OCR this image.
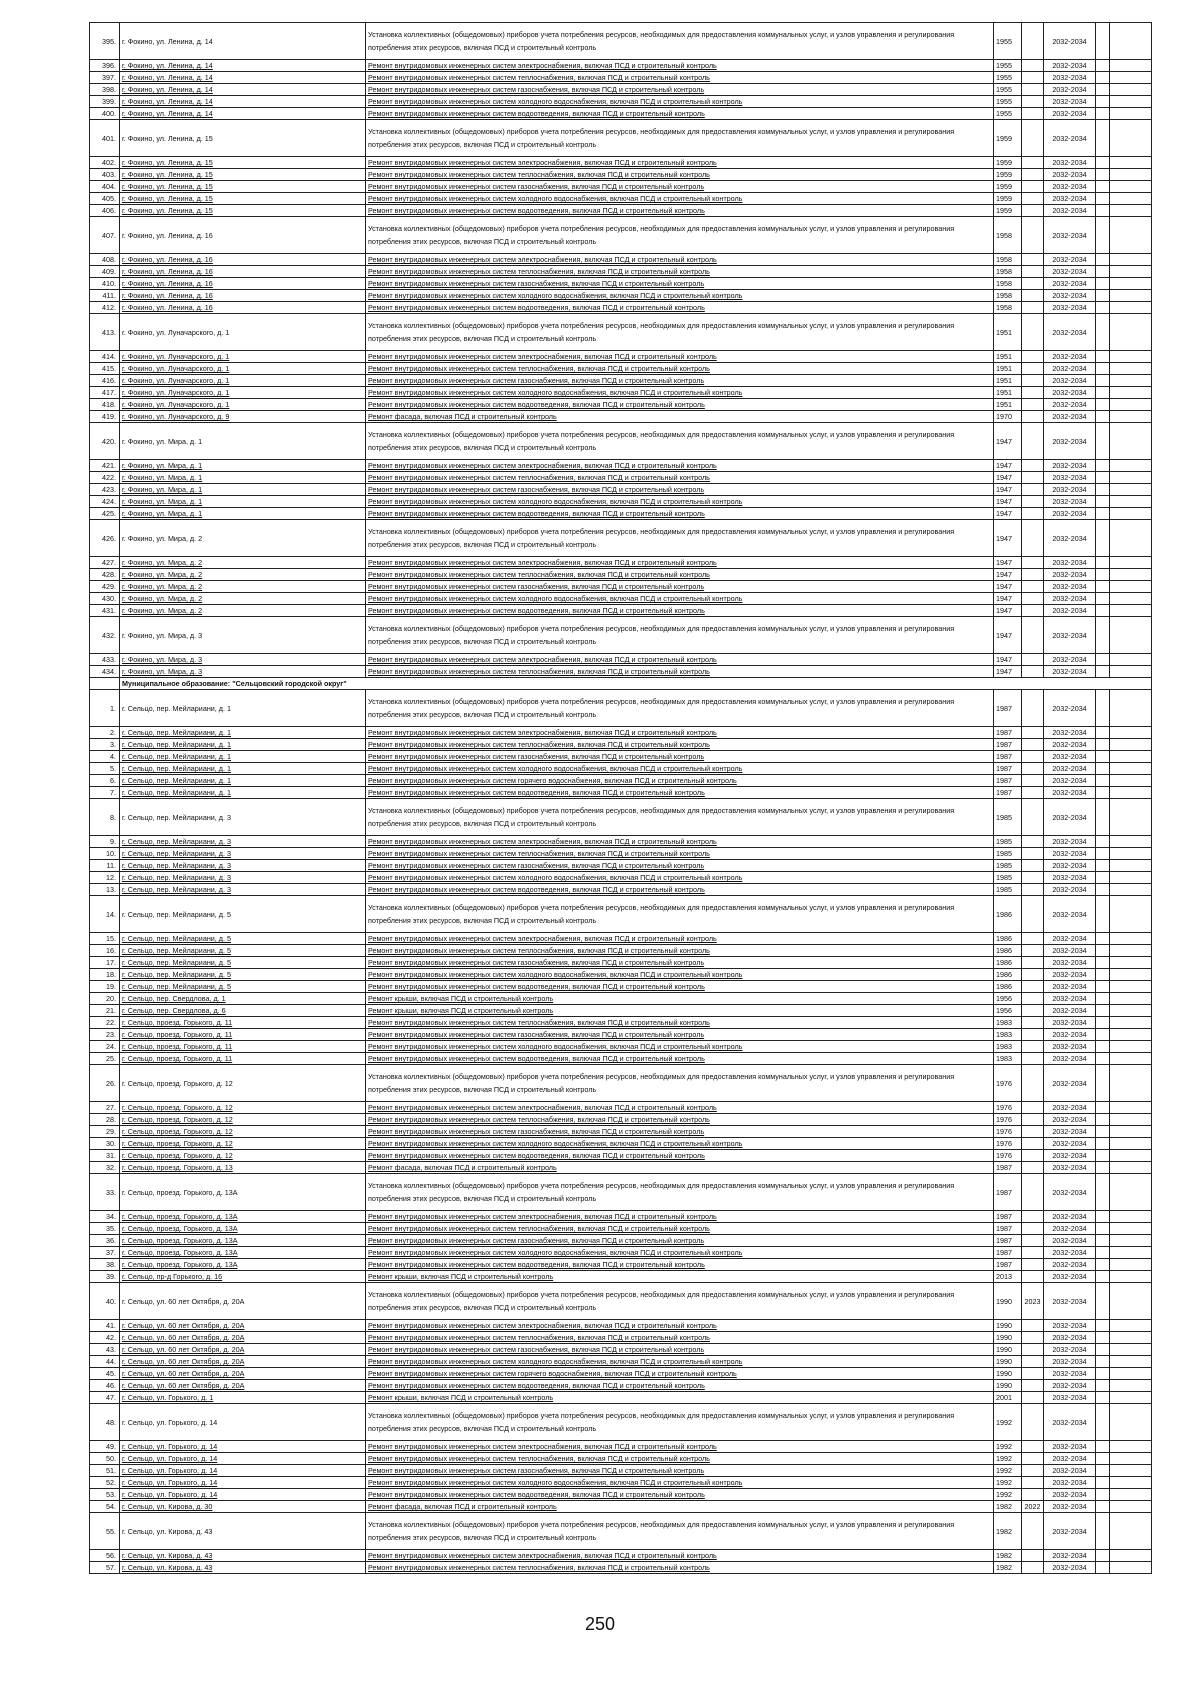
395.	г. Фокино, ул. Ленина, д. 14	Установка коллективных (общедомовых) приборов учета потребления ресурсов, необходимых для предоставления коммунальных услуг, и узлов управления и регулирования потребления этих ресурсов, включая ПСД и строительный контроль	1955		2032-2034		
396.	г. Фокино, ул. Ленина, д. 14	Ремонт внутридомовых инженерных систем электроснабжения, включая ПСД и строительный контроль	1955		2032-2034		
397.	г. Фокино, ул. Ленина, д. 14	Ремонт внутридомовых инженерных систем теплоснабжения, включая ПСД и строительный контроль	1955		2032-2034		
398.	г. Фокино, ул. Ленина, д. 14	Ремонт внутридомовых инженерных систем газоснабжения, включая ПСД и строительный контроль	1955		2032-2034		
399.	г. Фокино, ул. Ленина, д. 14	Ремонт внутридомовых инженерных систем холодного водоснабжения, включая ПСД и строительный контроль	1955		2032-2034		
400.	г. Фокино, ул. Ленина, д. 14	Ремонт внутридомовых инженерных систем водоотведения, включая ПСД и строительный контроль	1955		2032-2034		
401.	г. Фокино, ул. Ленина, д. 15	Установка коллективных (общедомовых) приборов учета потребления ресурсов, необходимых для предоставления коммунальных услуг, и узлов управления и регулирования потребления этих ресурсов, включая ПСД и строительный контроль	1959		2032-2034		
402.	г. Фокино, ул. Ленина, д. 15	Ремонт внутридомовых инженерных систем электроснабжения, включая ПСД и строительный контроль	1959		2032-2034		
403.	г. Фокино, ул. Ленина, д. 15	Ремонт внутридомовых инженерных систем теплоснабжения, включая ПСД и строительный контроль	1959		2032-2034		
404.	г. Фокино, ул. Ленина, д. 15	Ремонт внутридомовых инженерных систем газоснабжения, включая ПСД и строительный контроль	1959		2032-2034		
405.	г. Фокино, ул. Ленина, д. 15	Ремонт внутридомовых инженерных систем холодного водоснабжения, включая ПСД и строительный контроль	1959		2032-2034		
406.	г. Фокино, ул. Ленина, д. 15	Ремонт внутридомовых инженерных систем водоотведения, включая ПСД и строительный контроль	1959		2032-2034		
407.	г. Фокино, ул. Ленина, д. 16	Установка коллективных (общедомовых) приборов учета потребления ресурсов, необходимых для предоставления коммунальных услуг, и узлов управления и регулирования потребления этих ресурсов, включая ПСД и строительный контроль	1958		2032-2034		
408.	г. Фокино, ул. Ленина, д. 16	Ремонт внутридомовых инженерных систем электроснабжения, включая ПСД и строительный контроль	1958		2032-2034		
409.	г. Фокино, ул. Ленина, д. 16	Ремонт внутридомовых инженерных систем теплоснабжения, включая ПСД и строительный контроль	1958		2032-2034		
410.	г. Фокино, ул. Ленина, д. 16	Ремонт внутридомовых инженерных систем газоснабжения, включая ПСД и строительный контроль	1958		2032-2034		
411.	г. Фокино, ул. Ленина, д. 16	Ремонт внутридомовых инженерных систем холодного водоснабжения, включая ПСД и строительный контроль	1958		2032-2034		
412.	г. Фокино, ул. Ленина, д. 16	Ремонт внутридомовых инженерных систем водоотведения, включая ПСД и строительный контроль	1958		2032-2034		
413.	г. Фокино, ул. Луначарского, д. 1	Установка коллективных (общедомовых) приборов учета потребления ресурсов, необходимых для предоставления коммунальных услуг, и узлов управления и регулирования потребления этих ресурсов, включая ПСД и строительный контроль	1951		2032-2034		
414.	г. Фокино, ул. Луначарского, д. 1	Ремонт внутридомовых инженерных систем электроснабжения, включая ПСД и строительный контроль	1951		2032-2034		
415.	г. Фокино, ул. Луначарского, д. 1	Ремонт внутридомовых инженерных систем теплоснабжения, включая ПСД и строительный контроль	1951		2032-2034		
416.	г. Фокино, ул. Луначарского, д. 1	Ремонт внутридомовых инженерных систем газоснабжения, включая ПСД и строительный контроль	1951		2032-2034		
417.	г. Фокино, ул. Луначарского, д. 1	Ремонт внутридомовых инженерных систем холодного водоснабжения, включая ПСД и строительный контроль	1951		2032-2034		
418.	г. Фокино, ул. Луначарского, д. 1	Ремонт внутридомовых инженерных систем водоотведения, включая ПСД и строительный контроль	1951		2032-2034		
419.	г. Фокино, ул. Луначарского, д. 9	Ремонт фасада, включая ПСД и строительный контроль	1970		2032-2034		
420.	г. Фокино, ул. Мира, д. 1	Установка коллективных (общедомовых) приборов учета потребления ресурсов, необходимых для предоставления коммунальных услуг, и узлов управления и регулирования потребления этих ресурсов, включая ПСД и строительный контроль	1947		2032-2034		
421.	г. Фокино, ул. Мира, д. 1	Ремонт внутридомовых инженерных систем электроснабжения, включая ПСД и строительный контроль	1947		2032-2034		
422.	г. Фокино, ул. Мира, д. 1	Ремонт внутридомовых инженерных систем теплоснабжения, включая ПСД и строительный контроль	1947		2032-2034		
423.	г. Фокино, ул. Мира, д. 1	Ремонт внутридомовых инженерных систем газоснабжения, включая ПСД и строительный контроль	1947		2032-2034		
424.	г. Фокино, ул. Мира, д. 1	Ремонт внутридомовых инженерных систем холодного водоснабжения, включая ПСД и строительный контроль	1947		2032-2034		
425.	г. Фокино, ул. Мира, д. 1	Ремонт внутридомовых инженерных систем водоотведения, включая ПСД и строительный контроль	1947		2032-2034		
426.	г. Фокино, ул. Мира, д. 2	Установка коллективных (общедомовых) приборов учета потребления ресурсов, необходимых для предоставления коммунальных услуг, и узлов управления и регулирования потребления этих ресурсов, включая ПСД и строительный контроль	1947		2032-2034		
427.	г. Фокино, ул. Мира, д. 2	Ремонт внутридомовых инженерных систем электроснабжения, включая ПСД и строительный контроль	1947		2032-2034		
428.	г. Фокино, ул. Мира, д. 2	Ремонт внутридомовых инженерных систем теплоснабжения, включая ПСД и строительный контроль	1947		2032-2034		
429.	г. Фокино, ул. Мира, д. 2	Ремонт внутридомовых инженерных систем газоснабжения, включая ПСД и строительный контроль	1947		2032-2034		
430.	г. Фокино, ул. Мира, д. 2	Ремонт внутридомовых инженерных систем холодного водоснабжения, включая ПСД и строительный контроль	1947		2032-2034		
431.	г. Фокино, ул. Мира, д. 2	Ремонт внутридомовых инженерных систем водоотведения, включая ПСД и строительный контроль	1947		2032-2034		
432.	г. Фокино, ул. Мира, д. 3	Установка коллективных (общедомовых) приборов учета потребления ресурсов, необходимых для предоставления коммунальных услуг, и узлов управления и регулирования потребления этих ресурсов, включая ПСД и строительный контроль	1947		2032-2034		
433.	г. Фокино, ул. Мира, д. 3	Ремонт внутридомовых инженерных систем электроснабжения, включая ПСД и строительный контроль	1947		2032-2034		
434.	г. Фокино, ул. Мира, д. 3	Ремонт внутридомовых инженерных систем теплоснабжения, включая ПСД и строительный контроль	1947		2032-2034		
	Муниципальное образование: "Сельцовский городской округ"						
1.	г. Сельцо, пер. Мейлариани, д. 1	Установка коллективных (общедомовых) приборов учета потребления ресурсов, необходимых для предоставления коммунальных услуг, и узлов управления и регулирования потребления этих ресурсов, включая ПСД и строительный контроль	1987		2032-2034		
2.	г. Сельцо, пер. Мейлариани, д. 1	Ремонт внутридомовых инженерных систем электроснабжения, включая ПСД и строительный контроль	1987		2032-2034		
3.	г. Сельцо, пер. Мейлариани, д. 1	Ремонт внутридомовых инженерных систем теплоснабжения, включая ПСД и строительный контроль	1987		2032-2034		
4.	г. Сельцо, пер. Мейлариани, д. 1	Ремонт внутридомовых инженерных систем газоснабжения, включая ПСД и строительный контроль	1987		2032-2034		
5.	г. Сельцо, пер. Мейлариани, д. 1	Ремонт внутридомовых инженерных систем холодного водоснабжения, включая ПСД и строительный контроль	1987		2032-2034		
6.	г. Сельцо, пер. Мейлариани, д. 1	Ремонт внутридомовых инженерных систем горячего водоснабжения, включая ПСД и строительный контроль	1987		2032-2034		
7.	г. Сельцо, пер. Мейлариани, д. 1	Ремонт внутридомовых инженерных систем водоотведения, включая ПСД и строительный контроль	1987		2032-2034		
8.	г. Сельцо, пер. Мейлариани, д. 3	Установка коллективных (общедомовых) приборов учета потребления ресурсов, необходимых для предоставления коммунальных услуг, и узлов управления и регулирования потребления этих ресурсов, включая ПСД и строительный контроль	1985		2032-2034		
9.	г. Сельцо, пер. Мейлариани, д. 3	Ремонт внутридомовых инженерных систем электроснабжения, включая ПСД и строительный контроль	1985		2032-2034		
10.	г. Сельцо, пер. Мейлариани, д. 3	Ремонт внутридомовых инженерных систем теплоснабжения, включая ПСД и строительный контроль	1985		2032-2034		
11.	г. Сельцо, пер. Мейлариани, д. 3	Ремонт внутридомовых инженерных систем газоснабжения, включая ПСД и строительный контроль	1985		2032-2034		
12.	г. Сельцо, пер. Мейлариани, д. 3	Ремонт внутридомовых инженерных систем холодного водоснабжения, включая ПСД и строительный контроль	1985		2032-2034		
13.	г. Сельцо, пер. Мейлариани, д. 3	Ремонт внутридомовых инженерных систем водоотведения, включая ПСД и строительный контроль	1985		2032-2034		
14.	г. Сельцо, пер. Мейлариани, д. 5	Установка коллективных (общедомовых) приборов учета потребления ресурсов, необходимых для предоставления коммунальных услуг, и узлов управления и регулирования потребления этих ресурсов, включая ПСД и строительный контроль	1986		2032-2034		
15.	г. Сельцо, пер. Мейлариани, д. 5	Ремонт внутридомовых инженерных систем электроснабжения, включая ПСД и строительный контроль	1986		2032-2034		
16.	г. Сельцо, пер. Мейлариани, д. 5	Ремонт внутридомовых инженерных систем теплоснабжения, включая ПСД и строительный контроль	1986		2032-2034		
17.	г. Сельцо, пер. Мейлариани, д. 5	Ремонт внутридомовых инженерных систем газоснабжения, включая ПСД и строительный контроль	1986		2032-2034		
18.	г. Сельцо, пер. Мейлариани, д. 5	Ремонт внутридомовых инженерных систем холодного водоснабжения, включая ПСД и строительный контроль	1986		2032-2034		
19.	г. Сельцо, пер. Мейлариани, д. 5	Ремонт внутридомовых инженерных систем водоотведения, включая ПСД и строительный контроль	1986		2032-2034		
20.	г. Сельцо, пер. Свердлова, д. 1	Ремонт крыши, включая ПСД и строительный контроль	1956		2032-2034		
21.	г. Сельцо, пер. Свердлова, д. 6	Ремонт крыши, включая ПСД и строительный контроль	1956		2032-2034		
22.	г. Сельцо, проезд. Горького, д. 11	Ремонт внутридомовых инженерных систем теплоснабжения, включая ПСД и строительный контроль	1983		2032-2034		
23.	г. Сельцо, проезд. Горького, д. 11	Ремонт внутридомовых инженерных систем газоснабжения, включая ПСД и строительный контроль	1983		2032-2034		
24.	г. Сельцо, проезд. Горького, д. 11	Ремонт внутридомовых инженерных систем холодного водоснабжения, включая ПСД и строительный контроль	1983		2032-2034		
25.	г. Сельцо, проезд. Горького, д. 11	Ремонт внутридомовых инженерных систем водоотведения, включая ПСД и строительный контроль	1983		2032-2034		
26.	г. Сельцо, проезд. Горького, д. 12	Установка коллективных (общедомовых) приборов учета потребления ресурсов, необходимых для предоставления коммунальных услуг, и узлов управления и регулирования потребления этих ресурсов, включая ПСД и строительный контроль	1976		2032-2034		
27.	г. Сельцо, проезд. Горького, д. 12	Ремонт внутридомовых инженерных систем электроснабжения, включая ПСД и строительный контроль	1976		2032-2034		
28.	г. Сельцо, проезд. Горького, д. 12	Ремонт внутридомовых инженерных систем теплоснабжения, включая ПСД и строительный контроль	1976		2032-2034		
29.	г. Сельцо, проезд. Горького, д. 12	Ремонт внутридомовых инженерных систем газоснабжения, включая ПСД и строительный контроль	1976		2032-2034		
30.	г. Сельцо, проезд. Горького, д. 12	Ремонт внутридомовых инженерных систем холодного водоснабжения, включая ПСД и строительный контроль	1976		2032-2034		
31.	г. Сельцо, проезд. Горького, д. 12	Ремонт внутридомовых инженерных систем водоотведения, включая ПСД и строительный контроль	1976		2032-2034		
32.	г. Сельцо, проезд. Горького, д. 13	Ремонт фасада, включая ПСД и строительный контроль	1987		2032-2034		
33.	г. Сельцо, проезд. Горького, д. 13А	Установка коллективных (общедомовых) приборов учета потребления ресурсов, необходимых для предоставления коммунальных услуг, и узлов управления и регулирования потребления этих ресурсов, включая ПСД и строительный контроль	1987		2032-2034		
34.	г. Сельцо, проезд. Горького, д. 13А	Ремонт внутридомовых инженерных систем электроснабжения, включая ПСД и строительный контроль	1987		2032-2034		
35.	г. Сельцо, проезд. Горького, д. 13А	Ремонт внутридомовых инженерных систем теплоснабжения, включая ПСД и строительный контроль	1987		2032-2034		
36.	г. Сельцо, проезд. Горького, д. 13А	Ремонт внутридомовых инженерных систем газоснабжения, включая ПСД и строительный контроль	1987		2032-2034		
37.	г. Сельцо, проезд. Горького, д. 13А	Ремонт внутридомовых инженерных систем холодного водоснабжения, включая ПСД и строительный контроль	1987		2032-2034		
38.	г. Сельцо, проезд. Горького, д. 13А	Ремонт внутридомовых инженерных систем водоотведения, включая ПСД и строительный контроль	1987		2032-2034		
39.	г. Сельцо, пр-д Горького, д. 16	Ремонт крыши, включая ПСД и строительный контроль	2013		2032-2034		
40.	г. Сельцо, ул. 60 лет Октября, д. 20А	Установка коллективных (общедомовых) приборов учета потребления ресурсов, необходимых для предоставления коммунальных услуг, и узлов управления и регулирования потребления этих ресурсов, включая ПСД и строительный контроль	1990	2023	2032-2034		
41.	г. Сельцо, ул. 60 лет Октября, д. 20А	Ремонт внутридомовых инженерных систем электроснабжения, включая ПСД и строительный контроль	1990		2032-2034		
42.	г. Сельцо, ул. 60 лет Октября, д. 20А	Ремонт внутридомовых инженерных систем теплоснабжения, включая ПСД и строительный контроль	1990		2032-2034		
43.	г. Сельцо, ул. 60 лет Октября, д. 20А	Ремонт внутридомовых инженерных систем газоснабжения, включая ПСД и строительный контроль	1990		2032-2034		
44.	г. Сельцо, ул. 60 лет Октября, д. 20А	Ремонт внутридомовых инженерных систем холодного водоснабжения, включая ПСД и строительный контроль	1990		2032-2034		
45.	г. Сельцо, ул. 60 лет Октября, д. 20А	Ремонт внутридомовых инженерных систем горячего водоснабжения, включая ПСД и строительный контроль	1990		2032-2034		
46.	г. Сельцо, ул. 60 лет Октября, д. 20А	Ремонт внутридомовых инженерных систем водоотведения, включая ПСД и строительный контроль	1990		2032-2034		
47.	г. Сельцо, ул. Горького, д. 1	Ремонт крыши, включая ПСД и строительный контроль	2001		2032-2034		
48.	г. Сельцо, ул. Горького, д. 14	Установка коллективных (общедомовых) приборов учета потребления ресурсов, необходимых для предоставления коммунальных услуг, и узлов управления и регулирования потребления этих ресурсов, включая ПСД и строительный контроль	1992		2032-2034		
49.	г. Сельцо, ул. Горького, д. 14	Ремонт внутридомовых инженерных систем электроснабжения, включая ПСД и строительный контроль	1992		2032-2034		
50.	г. Сельцо, ул. Горького, д. 14	Ремонт внутридомовых инженерных систем теплоснабжения, включая ПСД и строительный контроль	1992		2032-2034		
51.	г. Сельцо, ул. Горького, д. 14	Ремонт внутридомовых инженерных систем газоснабжения, включая ПСД и строительный контроль	1992		2032-2034		
52.	г. Сельцо, ул. Горького, д. 14	Ремонт внутридомовых инженерных систем холодного водоснабжения, включая ПСД и строительный контроль	1992		2032-2034		
53.	г. Сельцо, ул. Горького, д. 14	Ремонт внутридомовых инженерных систем водоотведения, включая ПСД и строительный контроль	1992		2032-2034		
54.	г. Сельцо, ул. Кирова, д. 30	Ремонт фасада, включая ПСД и строительный контроль	1982	2022	2032-2034		
55.	г. Сельцо, ул. Кирова, д. 43	Установка коллективных (общедомовых) приборов учета потребления ресурсов, необходимых для предоставления коммунальных услуг, и узлов управления и регулирования потребления этих ресурсов, включая ПСД и строительный контроль	1982		2032-2034		
56.	г. Сельцо, ул. Кирова, д. 43	Ремонт внутридомовых инженерных систем электроснабжения, включая ПСД и строительный контроль	1982		2032-2034		
57.	г. Сельцо, ул. Кирова, д. 43	Ремонт внутридомовых инженерных систем теплоснабжения, включая ПСД и строительный контроль	1982		2032-2034		
250
